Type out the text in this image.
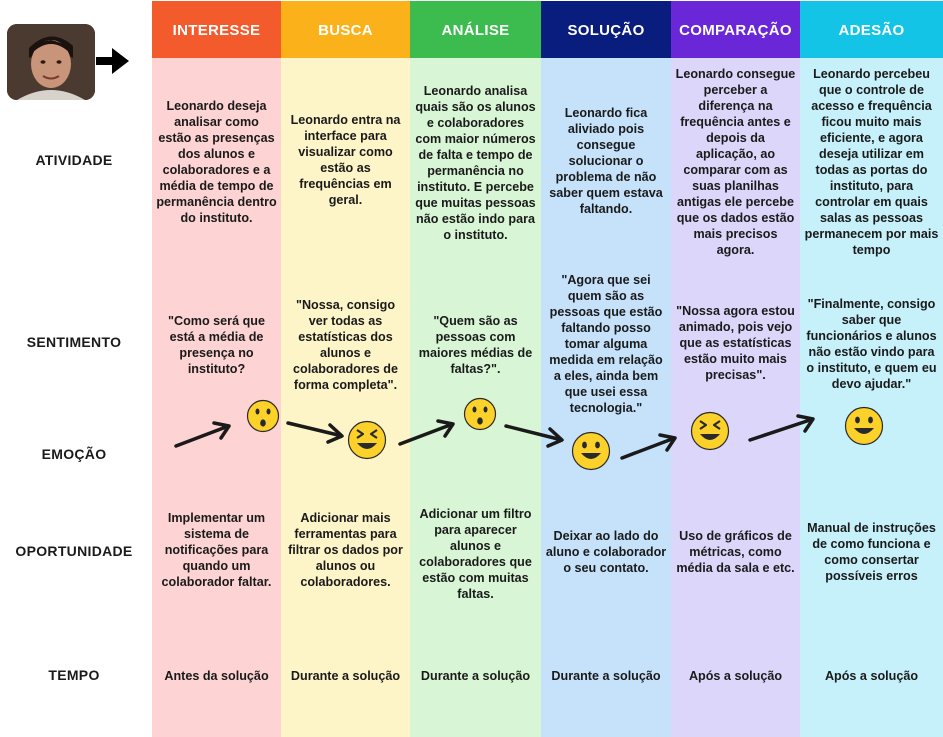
ATIVIDADE
SENTIMENTO
EMOÇÃO
OPORTUNIDADE
TEMPO
INTERESSE
Leonardo deseja analisar como estão as presenças dos alunos e colaboradores e a média de tempo de permanência dentro do instituto.
"Como será que está a média de presença no instituto?
Implementar um sistema de notificações para quando um colaborador faltar.
Antes da solução
BUSCA
Leonardo entra na interface para visualizar como estão as frequências em geral.
"Nossa, consigo ver todas as estatísticas dos alunos e colaboradores de forma completa".
Adicionar mais ferramentas para filtrar os dados por alunos ou colaboradores.
Durante a solução
ANÁLISE
Leonardo analisa quais são os alunos e colaboradores com maior números de falta e tempo de permanência no instituto. E percebe que muitas pessoas não estão indo para o instituto.
"Quem são as pessoas com maiores médias de faltas?".
Adicionar um filtro para aparecer alunos e colaboradores que estão com muitas faltas.
Durante a solução
SOLUÇÃO
Leonardo fica aliviado pois consegue solucionar o problema de não saber quem estava faltando.
"Agora que sei quem são as pessoas que estão faltando posso tomar alguma medida em relação a eles, ainda bem que usei essa tecnologia."
Deixar ao lado do aluno e colaborador o seu contato.
Durante a solução
COMPARAÇÃO
Leonardo consegue perceber a diferença na frequência antes e depois da aplicação, ao comparar com as suas planilhas antigas ele percebe que os dados estão mais precisos agora.
"Nossa agora estou animado, pois vejo que as estatísticas estão muito mais precisas".
Uso de gráficos de métricas, como média da sala e etc.
Após a solução
ADESÃO
Leonardo percebeu que o controle de acesso e frequência ficou muito mais eficiente, e agora deseja utilizar em todas as portas do instituto, para controlar em quais salas as pessoas permanecem por mais tempo
"Finalmente, consigo saber que funcionários e alunos não estão vindo para o instituto, e quem eu devo ajudar."
Manual de instruções de como funciona e como consertar possíveis erros
Após a solução
